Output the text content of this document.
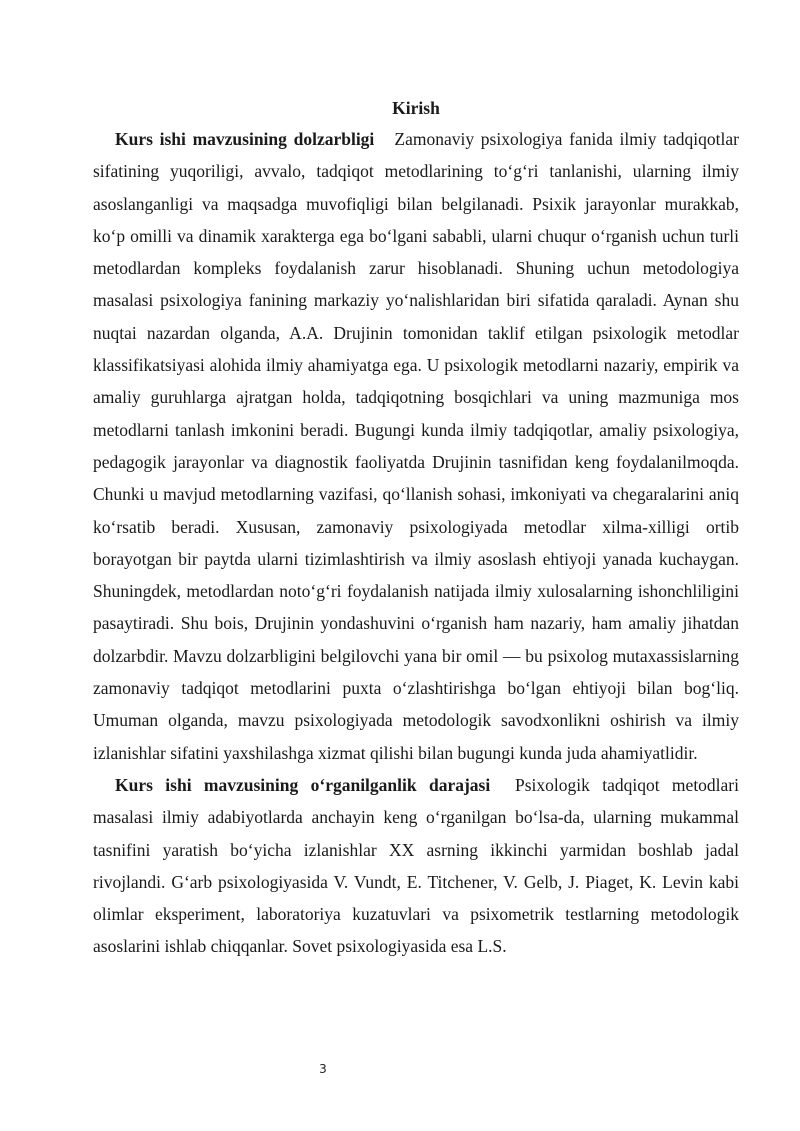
Kirish

Kurs ishi mavzusining dolzarbligi Zamonaviy psixologiya fanida ilmiy tadqiqotlar sifatining yuqoriligi, avvalo, tadqiqot metodlarining to‘g‘ri tanlanishi, ularning ilmiy asoslanganligi va maqsadga muvofiqligi bilan belgilanadi. Psixik jarayonlar murakkab, ko‘p omilli va dinamik xarakterga ega bo‘lgani sababli, ularni chuqur o‘rganish uchun turli metodlardan kompleks foydalanish zarur hisoblanadi. Shuning uchun metodologiya masalasi psixologiya fanining markaziy yo‘nalishlaridan biri sifatida qaraladi. Aynan shu nuqtai nazardan olganda, A.A. Drujinin tomonidan taklif etilgan psixologik metodlar klassifikatsiyasi alohida ilmiy ahamiyatga ega. U psixologik metodlarni nazariy, empirik va amaliy guruhlarga ajratgan holda, tadqiqotning bosqichlari va uning mazmuniga mos metodlarni tanlash imkonini beradi. Bugungi kunda ilmiy tadqiqotlar, amaliy psixologiya, pedagogik jarayonlar va diagnostik faoliyatda Drujinin tasnifidan keng foydalanilmoqda. Chunki u mavjud metodlarning vazifasi, qo‘llanish sohasi, imkoniyati va chegaralarini aniq ko‘rsatib beradi. Xususan, zamonaviy psixologiyada metodlar xilma-xilligi ortib borayotgan bir paytda ularni tizimlashtirish va ilmiy asoslash ehtiyoji yanada kuchaygan. Shuningdek, metodlardan noto‘g‘ri foydalanish natijada ilmiy xulosalarning ishonchliligini pasaytiradi. Shu bois, Drujinin yondashuvini o‘rganish ham nazariy, ham amaliy jihatdan dolzarbdir. Mavzu dolzarbligini belgilovchi yana bir omil — bu psixolog mutaxassislarning zamonaviy tadqiqot metodlarini puxta o‘zlashtirishga bo‘lgan ehtiyoji bilan bog‘liq. Umuman olganda, mavzu psixologiyada metodologik savodxonlikni oshirish va ilmiy izlanishlar sifatini yaxshilashga xizmat qilishi bilan bugungi kunda juda ahamiyatlidir.

Kurs ishi mavzusining o‘rganilganlik darajasi Psixologik tadqiqot metodlari masalasi ilmiy adabiyotlarda anchayin keng o‘rganilgan bo‘lsa-da, ularning mukammal tasnifini yaratish bo‘yicha izlanishlar XX asrning ikkinchi yarmidan boshlab jadal rivojlandi. G‘arb psixologiyasida V. Vundt, E. Titchener, V. Gelb, J. Piaget, K. Levin kabi olimlar eksperiment, laboratoriya kuzatuvlari va psixometrik testlarning metodologik asoslarini ishlab chiqqanlar. Sovet psixologiyasida esa L.S.

3
